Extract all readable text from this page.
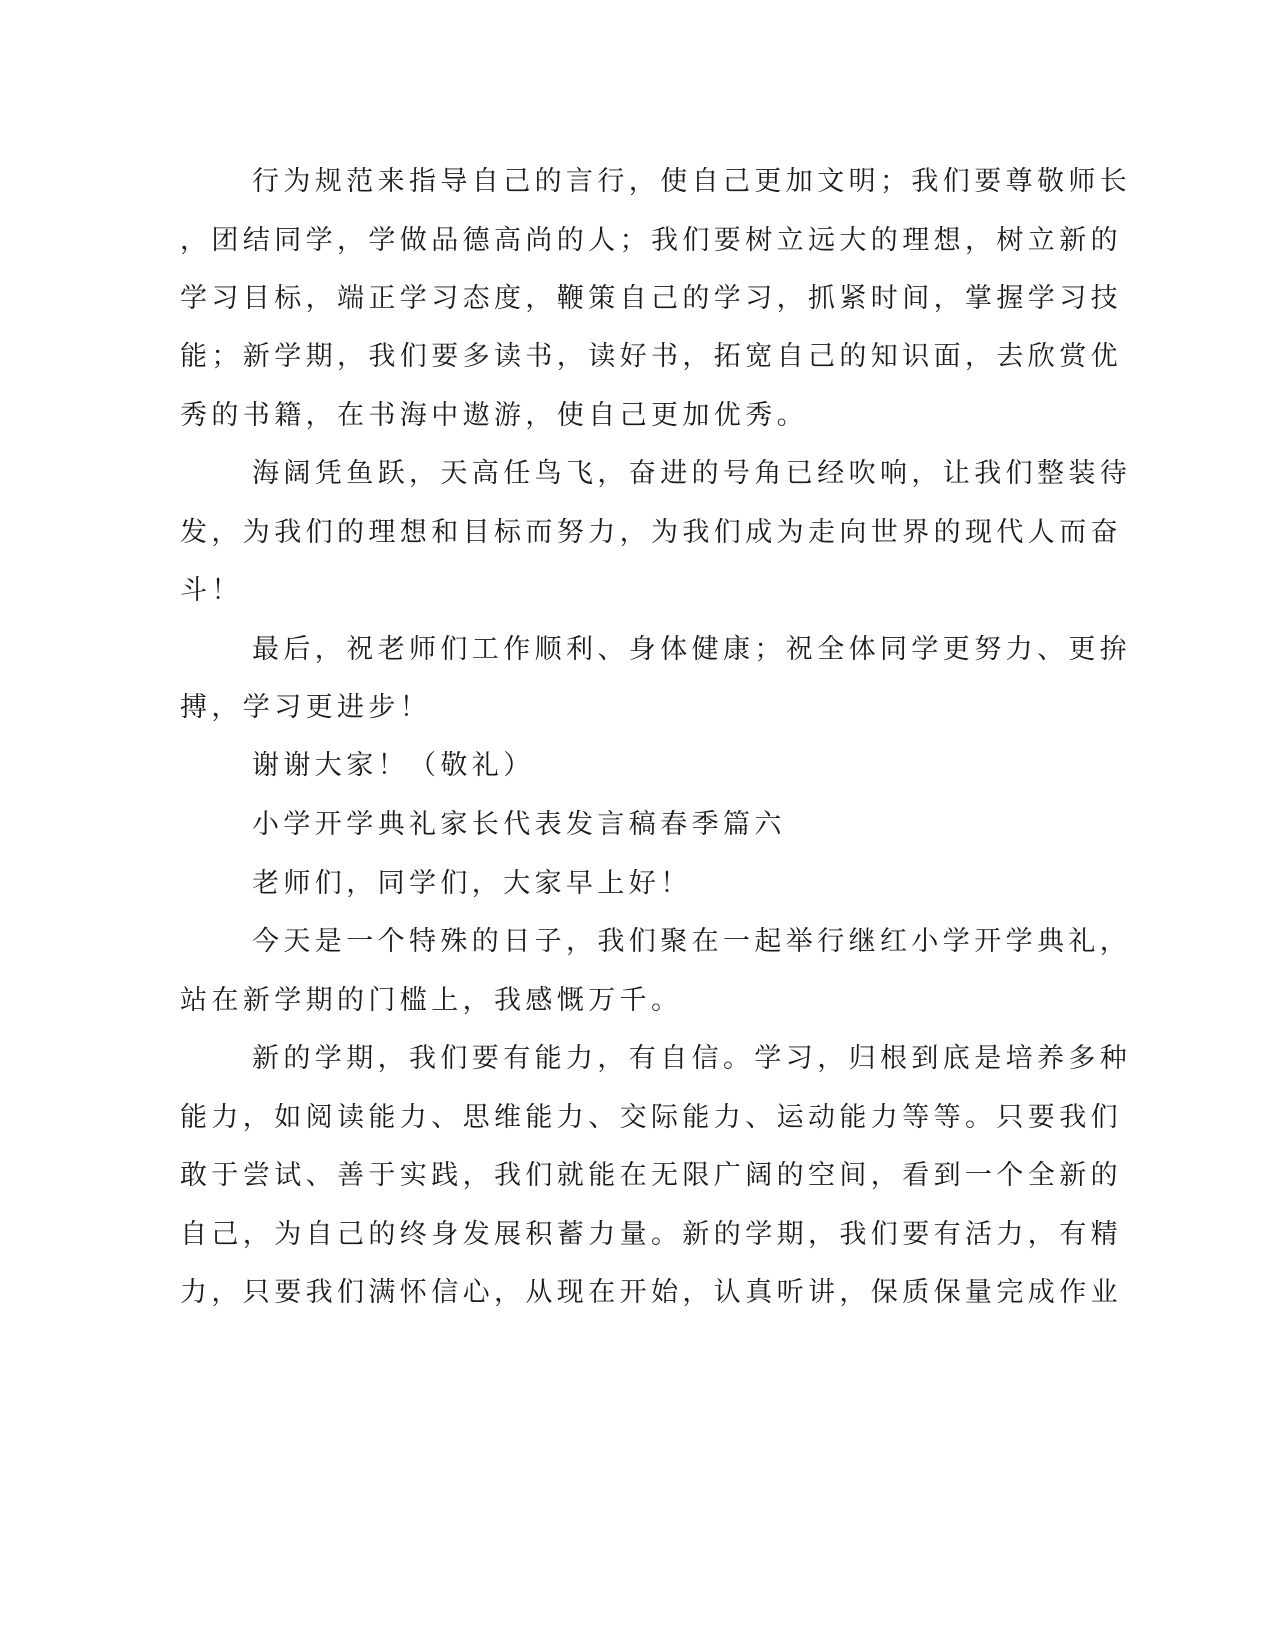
行为规范来指导自己的言行，使自己更加文明；我们要尊敬师长
，团结同学，学做品德高尚的人；我们要树立远大的理想，树立新的
学习目标，端正学习态度，鞭策自己的学习，抓紧时间，掌握学习技
能；新学期，我们要多读书，读好书，拓宽自己的知识面，去欣赏优
秀的书籍，在书海中遨游，使自己更加优秀。
海阔凭鱼跃，天高任鸟飞，奋进的号角已经吹响，让我们整装待
发，为我们的理想和目标而努力，为我们成为走向世界的现代人而奋
斗！
最后，祝老师们工作顺利、身体健康；祝全体同学更努力、更拚
搏，学习更进步！
谢谢大家！（敬礼）
小学开学典礼家长代表发言稿春季篇六
老师们，同学们，大家早上好！
今天是一个特殊的日子，我们聚在一起举行继红小学开学典礼，
站在新学期的门槛上，我感慨万千。
新的学期，我们要有能力，有自信。学习，归根到底是培养多种
能力，如阅读能力、思维能力、交际能力、运动能力等等。只要我们
敢于尝试、善于实践，我们就能在无限广阔的空间，看到一个全新的
自己，为自己的终身发展积蓄力量。新的学期，我们要有活力，有精
力，只要我们满怀信心，从现在开始，认真听讲，保质保量完成作业
